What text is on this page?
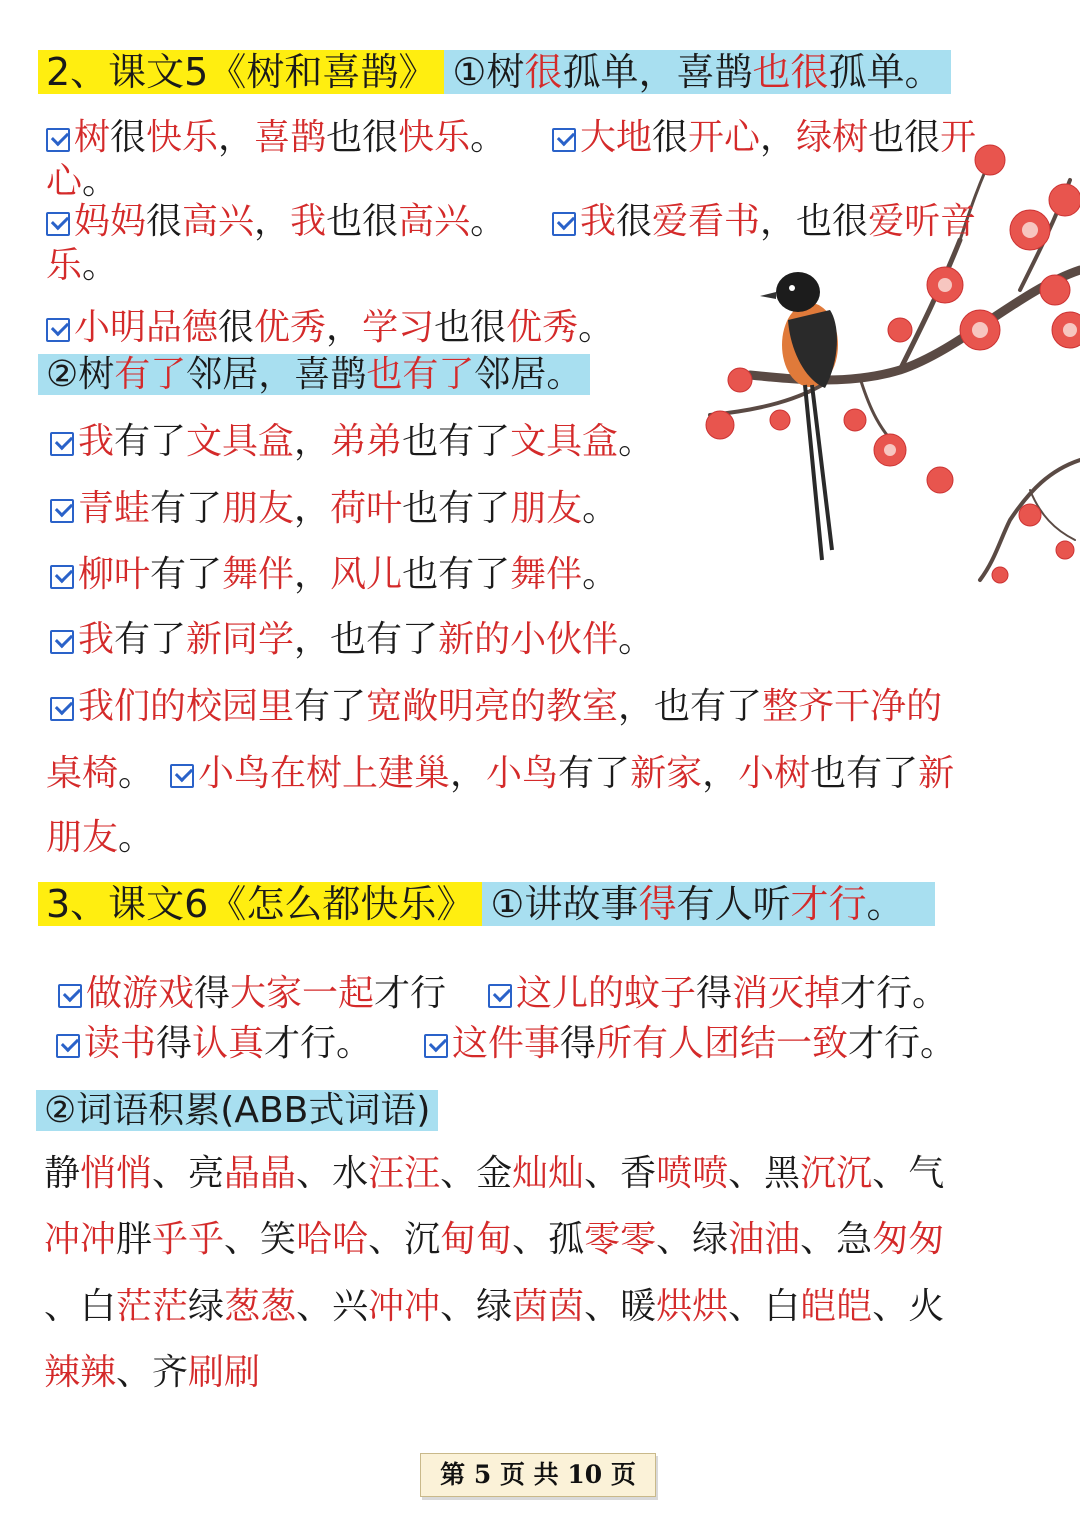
2、课文5《树和喜鹊》 ①树很孤单，喜鹊也很孤单。
树很快乐，喜鹊也很快乐。	大地很开心，绿树也很开
心。
妈妈很高兴，我也很高兴。	我很爱看书，也很爱听音
乐。
小明品德很优秀，学习也很优秀。
②树有了邻居，喜鹊也有了邻居。
我有了文具盒，弟弟也有了文具盒。
青蛙有了朋友，荷叶也有了朋友。
柳叶有了舞伴，风儿也有了舞伴。
我有了新同学，也有了新的小伙伴。
我们的校园里有了宽敞明亮的教室，也有了整齐干净的
桌椅。	小鸟在树上建巢，小鸟有了新家，小树也有了新
朋友。
3、课文6《怎么都快乐》 ①讲故事得有人听才行。
做游戏得大家一起才行	这儿的蚊子得消灭掉才行。
读书得认真才行。	这件事得所有人团结一致才行。
②词语积累(ABB式词语)
静悄悄、亮晶晶、水汪汪、金灿灿、香喷喷、黑沉沉、气
冲冲胖乎乎、笑哈哈、沉甸甸、孤零零、绿油油、急匆匆
、白茫茫绿葱葱、兴冲冲、绿茵茵、暖烘烘、白皑皑、火
辣辣、齐刷刷
第 5 页 共 10 页
